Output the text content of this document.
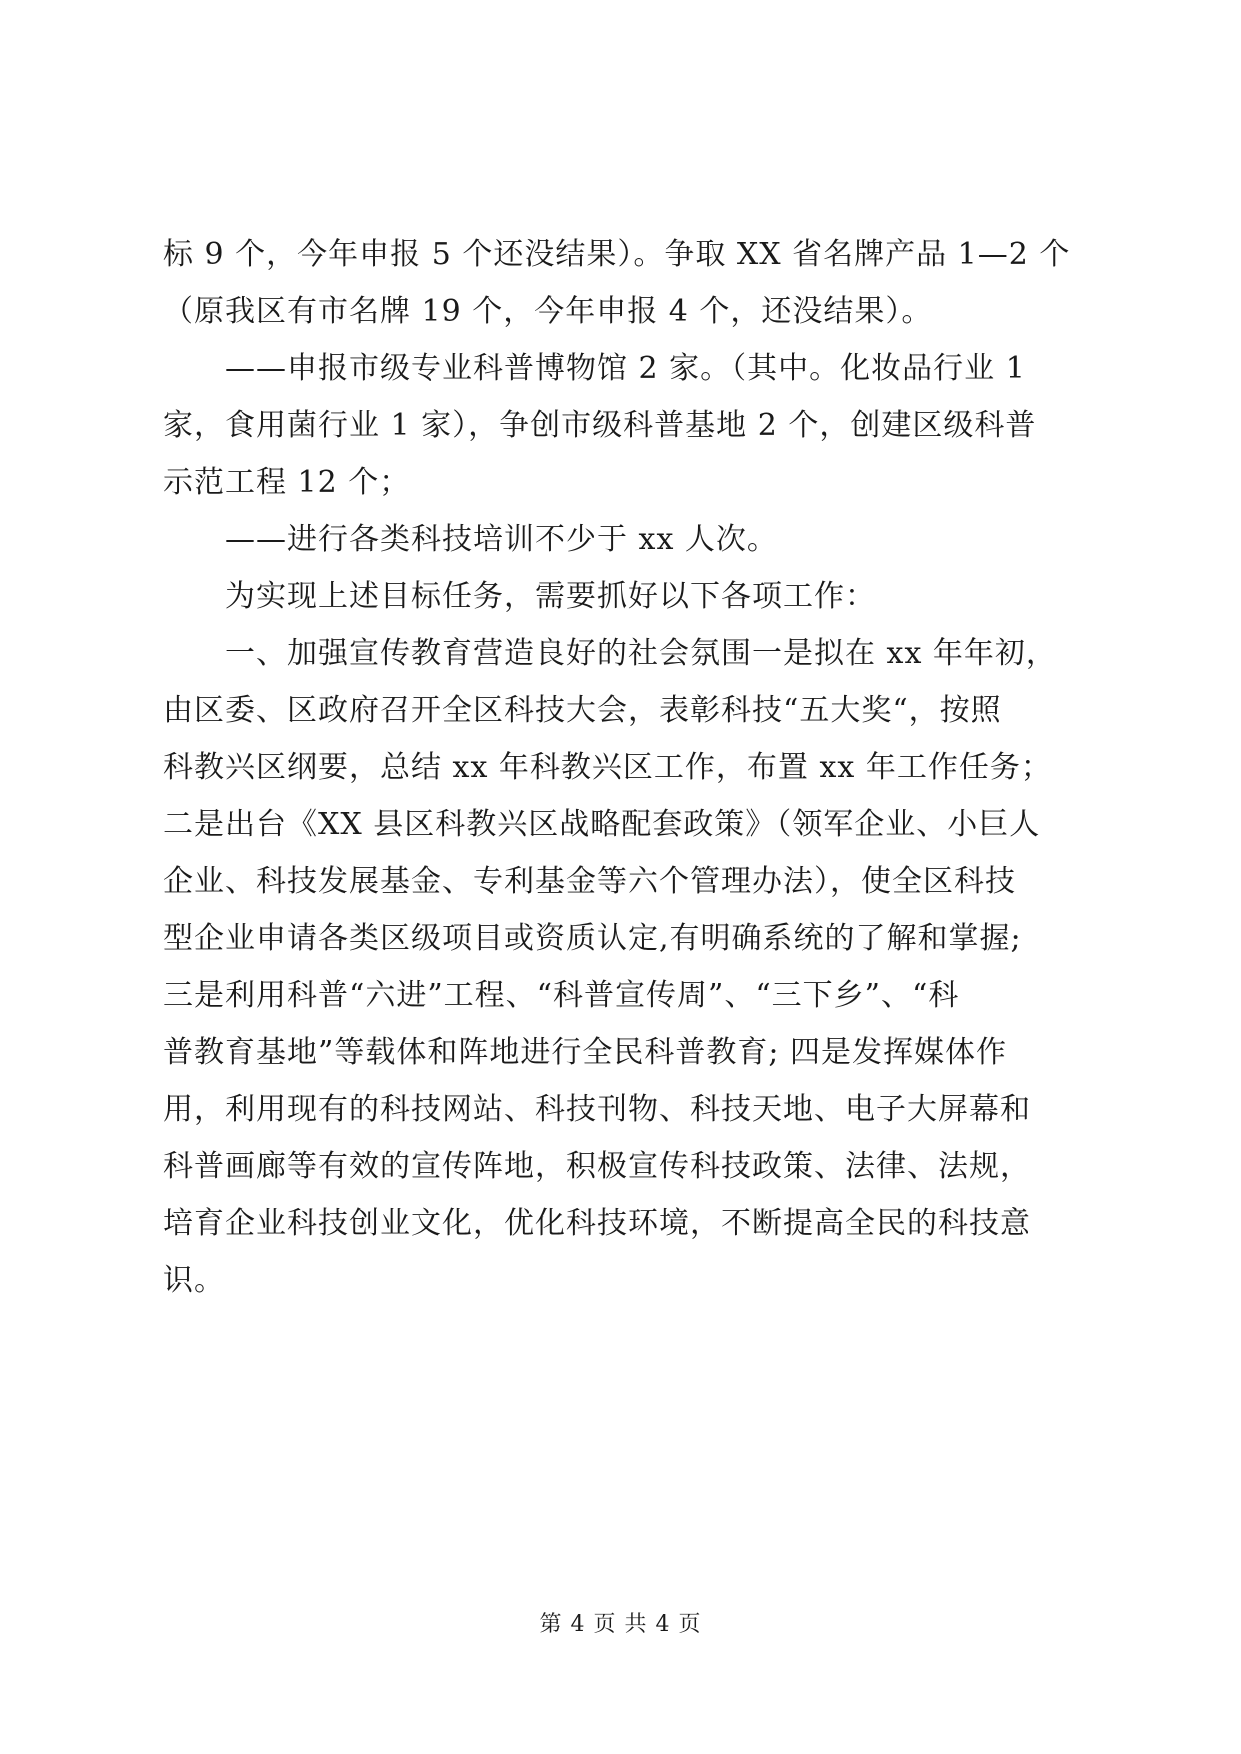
标 9 个，今年申报 5 个还没结果）。争取 XX 省名牌产品 1—2 个
（原我区有市名牌 19 个，今年申报 4 个，还没结果）。
　　——申报市级专业科普博物馆 2 家。（其中。化妆品行业 1
家，食用菌行业 1 家），争创市级科普基地 2 个，创建区级科普
示范工程 12 个；
　　——进行各类科技培训不少于 xx 人次。
　　为实现上述目标任务，需要抓好以下各项工作：
　　一、加强宣传教育营造良好的社会氛围一是拟在 xx 年年初，
由区委、区政府召开全区科技大会，表彰科技“五大奖“，按照
科教兴区纲要，总结 xx 年科教兴区工作，布置 xx 年工作任务；
二是出台《XX 县区科教兴区战略配套政策》（领军企业、小巨人
企业、科技发展基金、专利基金等六个管理办法），使全区科技
型企业申请各类区级项目或资质认定,有明确系统的了解和掌握;
三是利用科普“六进”工程、“科普宣传周”、“三下乡”、“科
普教育基地”等载体和阵地进行全民科普教育; 四是发挥媒体作
用，利用现有的科技网站、科技刊物、科技天地、电子大屏幕和
科普画廊等有效的宣传阵地，积极宣传科技政策、法律、法规，
培育企业科技创业文化，优化科技环境，不断提高全民的科技意
识。
第 4 页 共 4 页
